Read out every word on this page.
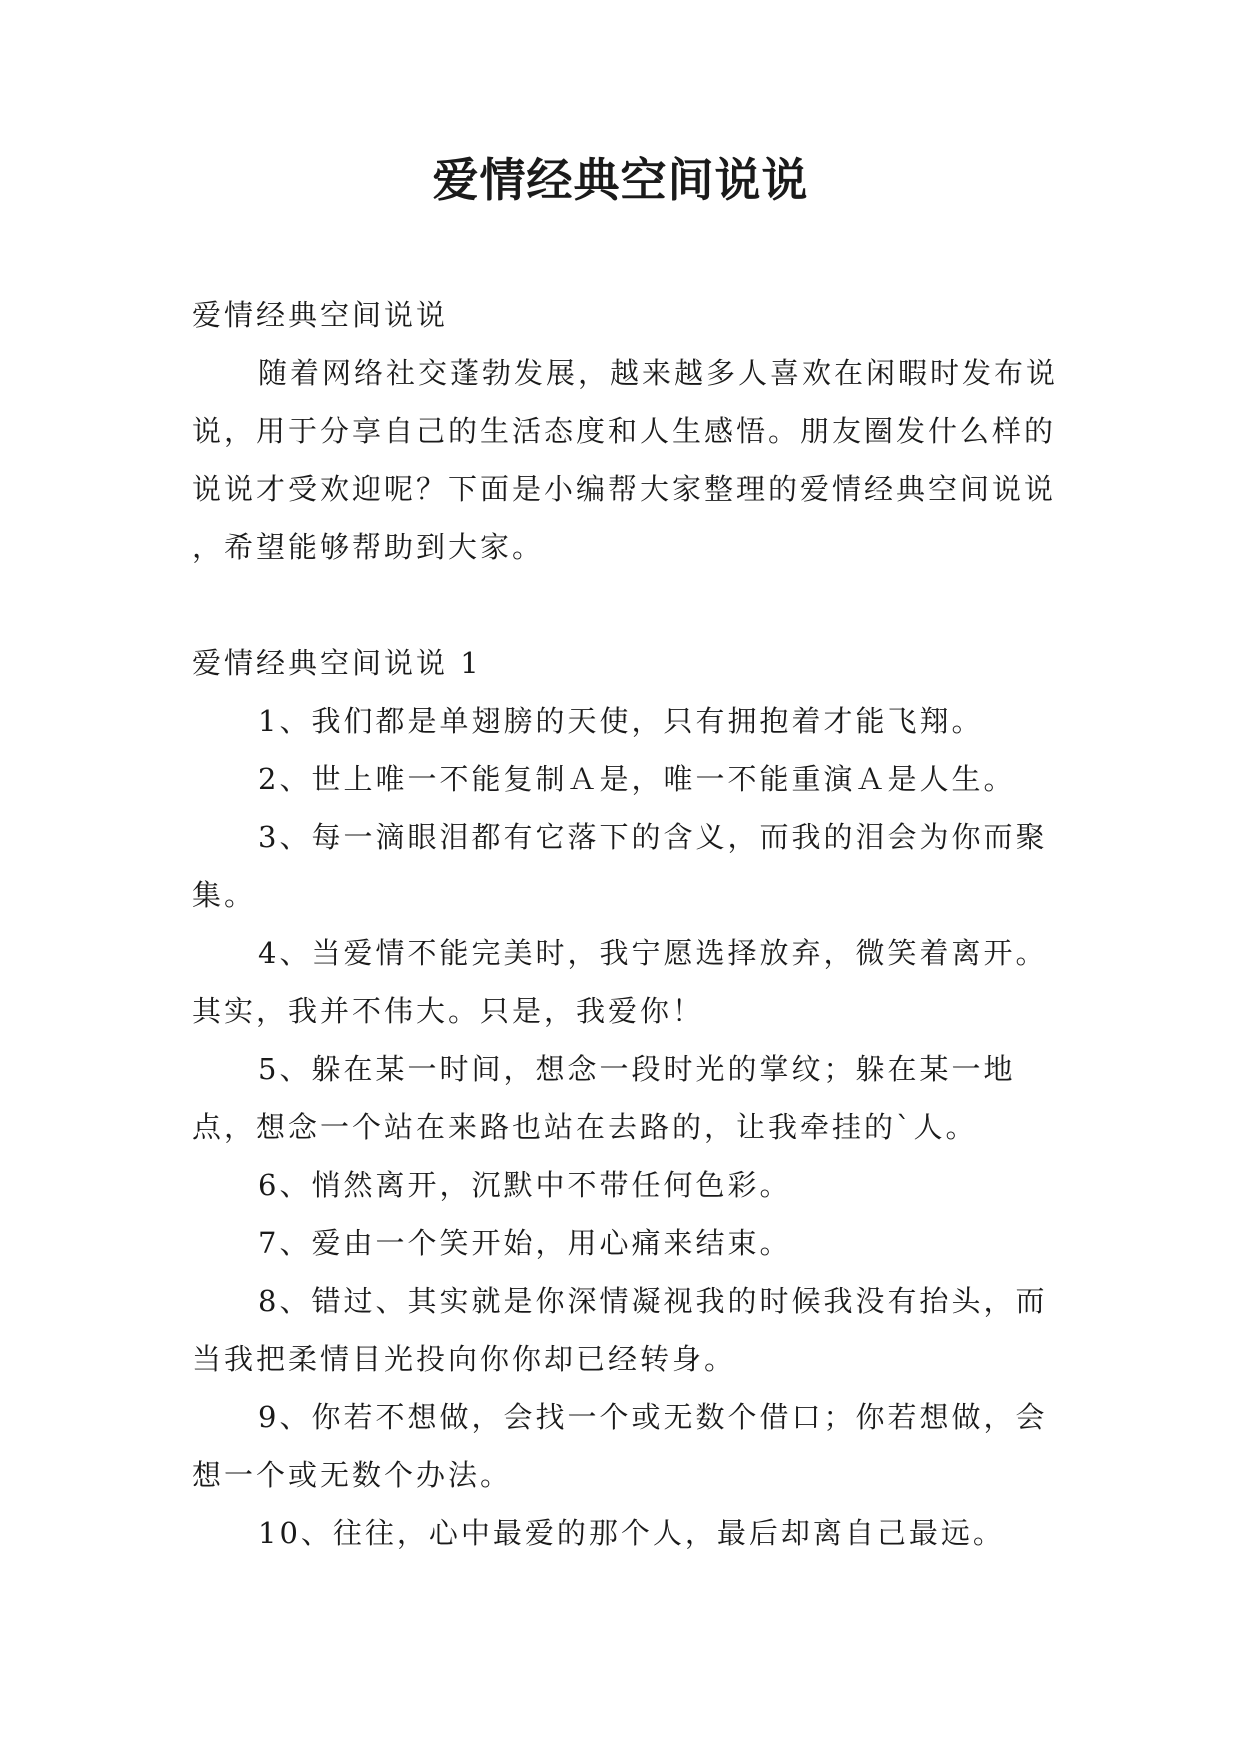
爱情经典空间说说

爱情经典空间说说

随着网络社交蓬勃发展，越来越多人喜欢在闲暇时发布说说，用于分享自己的生活态度和人生感悟。朋友圈发什么样的说说才受欢迎呢？下面是小编帮大家整理的爱情经典空间说说 ，希望能够帮助到大家。

爱情经典空间说说 1

1、我们都是单翅膀的天使，只有拥抱着才能飞翔。

2、世上唯一不能复制Ａ是，唯一不能重演Ａ是人生。

3、每一滴眼泪都有它落下的含义，而我的泪会为你而聚集。

4、当爱情不能完美时，我宁愿选择放弃，微笑着离开。其实，我并不伟大。只是，我爱你！

5、躲在某一时间，想念一段时光的掌纹；躲在某一地点，想念一个站在来路也站在去路的，让我牵挂的`人。

6、悄然离开，沉默中不带任何色彩。

7、爱由一个笑开始，用心痛来结束。

8、错过、其实就是你深情凝视我的时候我没有抬头，而当我把柔情目光投向你你却已经转身。

9、你若不想做，会找一个或无数个借口；你若想做，会想一个或无数个办法。

10、往往，心中最爱的那个人，最后却离自己最远。
